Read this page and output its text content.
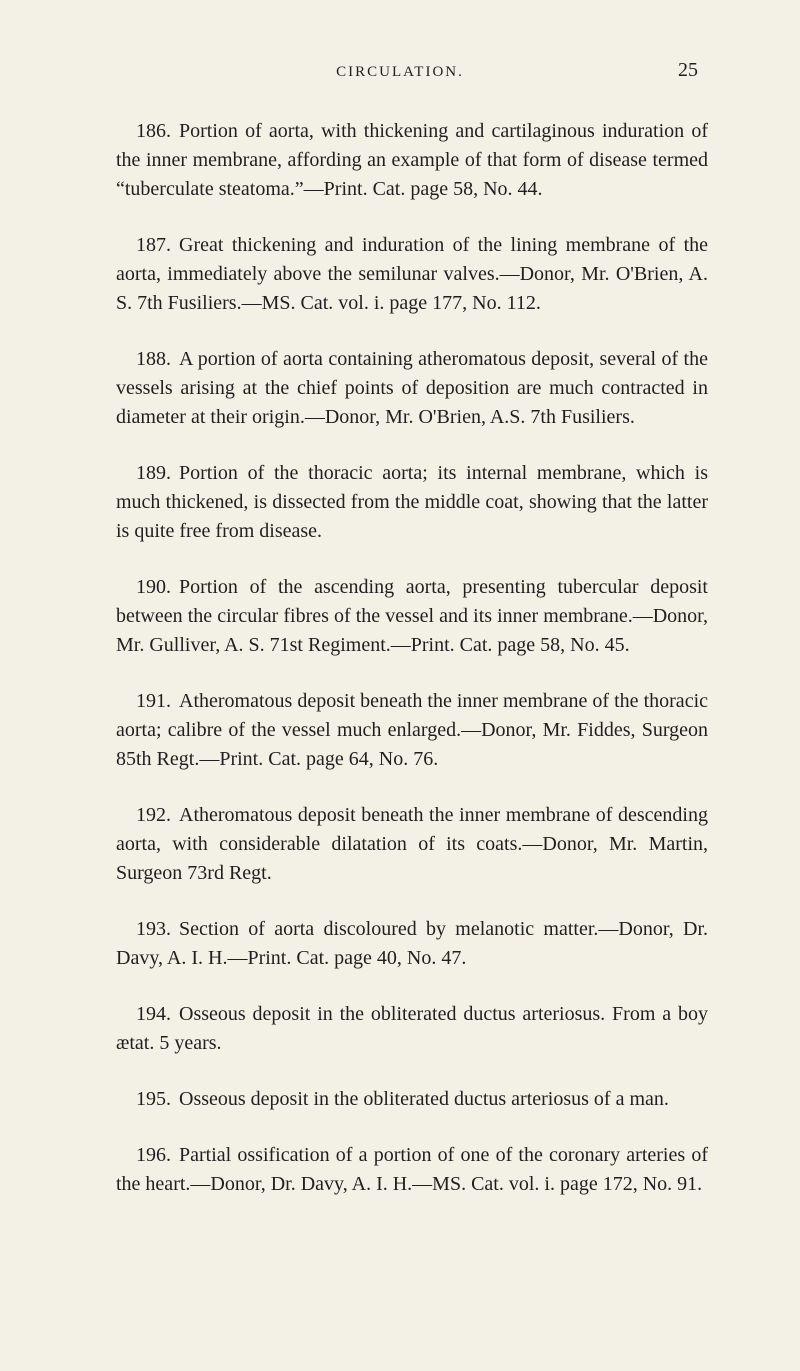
CIRCULATION.	25

186. Portion of aorta, with thickening and cartilaginous induration of the inner membrane, affording an example of that form of disease termed “tuberculate steatoma.”—Print. Cat. page 58, No. 44.

187. Great thickening and induration of the lining membrane of the aorta, immediately above the semilunar valves.—Donor, Mr. O'Brien, A. S. 7th Fusiliers.—MS. Cat. vol. i. page 177, No. 112.

188. A portion of aorta containing atheromatous deposit, several of the vessels arising at the chief points of deposition are much contracted in diameter at their origin.—Donor, Mr. O'Brien, A.S. 7th Fusiliers.

189. Portion of the thoracic aorta; its internal membrane, which is much thickened, is dissected from the middle coat, showing that the latter is quite free from disease.

190. Portion of the ascending aorta, presenting tubercular deposit between the circular fibres of the vessel and its inner membrane.—Donor, Mr. Gulliver, A. S. 71st Regiment.—Print. Cat. page 58, No. 45.

191. Atheromatous deposit beneath the inner membrane of the thoracic aorta; calibre of the vessel much enlarged.—Donor, Mr. Fiddes, Surgeon 85th Regt.—Print. Cat. page 64, No. 76.

192. Atheromatous deposit beneath the inner membrane of descending aorta, with considerable dilatation of its coats.—Donor, Mr. Martin, Surgeon 73rd Regt.

193. Section of aorta discoloured by melanotic matter.—Donor, Dr. Davy, A. I. H.—Print. Cat. page 40, No. 47.

194. Osseous deposit in the obliterated ductus arteriosus. From a boy ætat. 5 years.

195. Osseous deposit in the obliterated ductus arteriosus of a man.

196. Partial ossification of a portion of one of the coronary arteries of the heart.—Donor, Dr. Davy, A. I. H.—MS. Cat. vol. i. page 172, No. 91.
